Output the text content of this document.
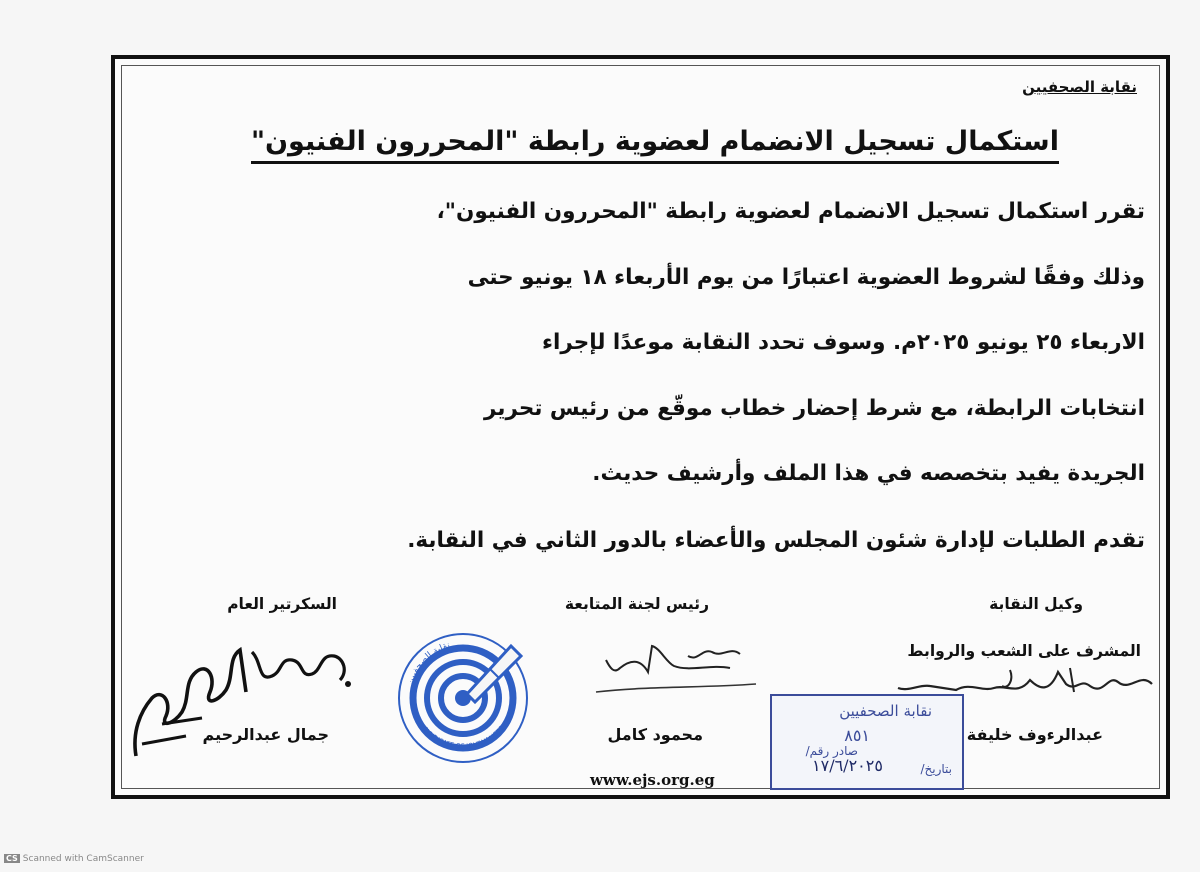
نقابة الصحفيين
استكمال تسجيل الانضمام لعضوية رابطة "المحررون الفنيون"
تقرر استكمال تسجيل الانضمام لعضوية رابطة "المحررون الفنيون"،
وذلك وفقًا لشروط العضوية اعتبارًا من يوم الأربعاء ١٨ يونيو حتى
الاربعاء ٢٥ يونيو ٢٠٢٥م. وسوف تحدد النقابة موعدًا لإجراء
انتخابات الرابطة، مع شرط إحضار خطاب موقّع من رئيس تحرير
الجريدة يفيد بتخصصه في هذا الملف وأرشيف حديث.
تقدم الطلبات لإدارة شئون المجلس والأعضاء بالدور الثاني في النقابة.
وكيل النقابة
المشرف على الشعب والروابط
رئيس لجنة المتابعة
السكرتير العام
نقابة الصحفيين
SYNDICATE OF JOURNALISTS	عبدالرءوف خليفة
محمود كامل
جمال عبدالرحيم
www.ejs.org.eg
نقابة الصحفيين
٨٥١
صادر رقم/
بتاريخ/
١٧/٦/٢٠٢٥
CS Scanned with CamScanner
